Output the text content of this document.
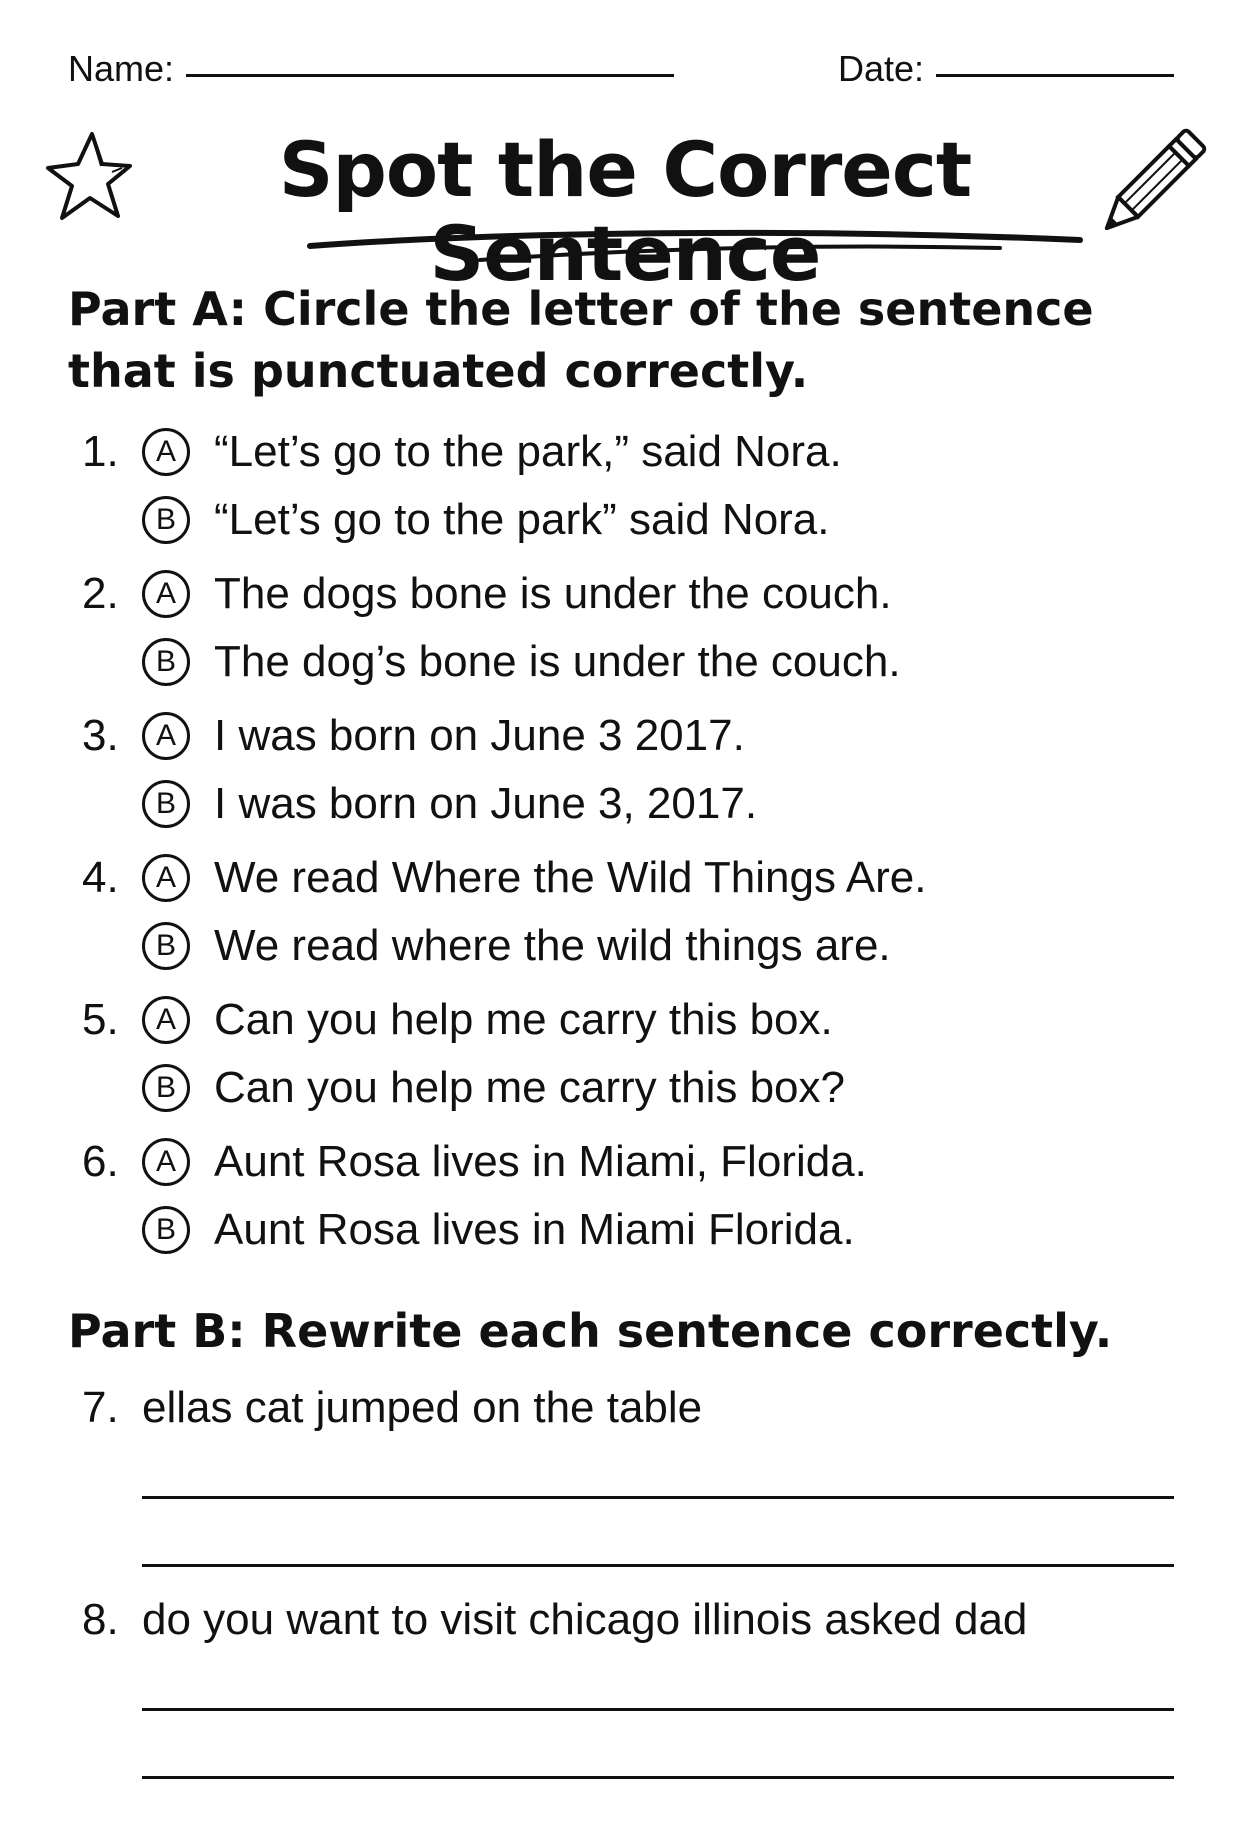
Name:	Date:
Spot the Correct Sentence
Part A: Circle the letter of the sentence that is punctuated correctly.
1.	A “Let’s go to the park,” said Nora.
B “Let’s go to the park” said Nora.
2.	A The dogs bone is under the couch.
B The dog’s bone is under the couch.
3.	A I was born on June 3 2017.
B I was born on June 3, 2017.
4.	A We read Where the Wild Things Are.
B We read where the wild things are.
5.	A Can you help me carry this box.
B Can you help me carry this box?
6.	A Aunt Rosa lives in Miami, Florida.
B Aunt Rosa lives in Miami Florida.
Part B: Rewrite each sentence correctly.
7. ellas cat jumped on the table
8. do you want to visit chicago illinois asked dad
